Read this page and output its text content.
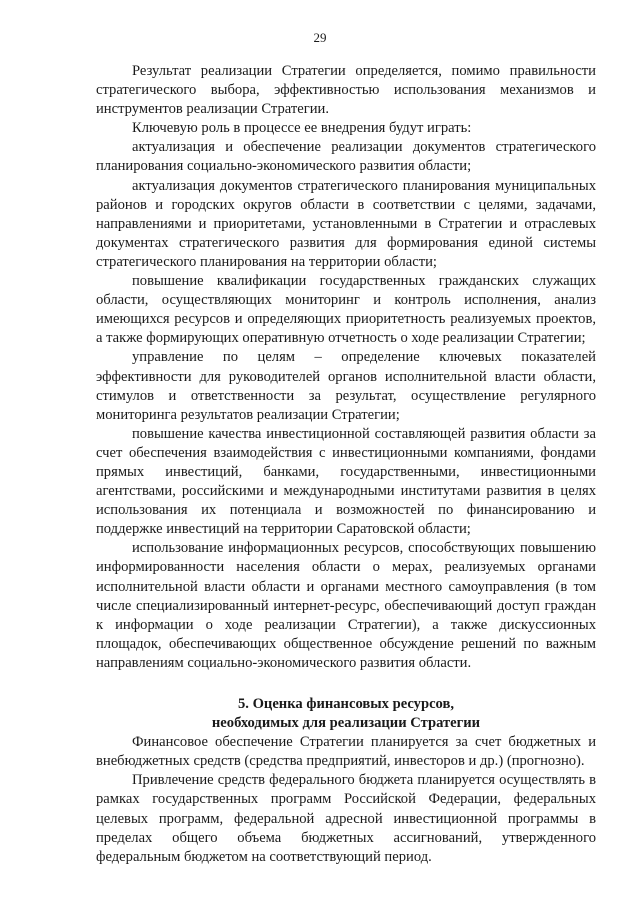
29

Результат реализации Стратегии определяется, помимо правильности стратегического выбора, эффективностью использования механизмов и инструментов реализации Стратегии.

Ключевую роль в процессе ее внедрения будут играть:

актуализация и обеспечение реализации документов стратегического планирования социально-экономического развития области;

актуализация документов стратегического планирования муниципальных районов и городских округов области в соответствии с целями, задачами, направлениями и приоритетами, установленными в Стратегии и отраслевых документах стратегического развития для формирования единой системы стратегического планирования на территории области;

повышение квалификации государственных гражданских служащих области, осуществляющих мониторинг и контроль исполнения, анализ имеющихся ресурсов и определяющих приоритетность реализуемых проектов, а также формирующих оперативную отчетность о ходе реализации Стратегии;

управление по целям – определение ключевых показателей эффективности для руководителей органов исполнительной власти области, стимулов и ответственности за результат, осуществление регулярного мониторинга результатов реализации Стратегии;

повышение качества инвестиционной составляющей развития области за счет обеспечения взаимодействия с инвестиционными компаниями, фондами прямых инвестиций, банками, государственными, инвестиционными агентствами, российскими и международными институтами развития в целях использования их потенциала и возможностей по финансированию и поддержке инвестиций на территории Саратовской области;

использование информационных ресурсов, способствующих повышению информированности населения области о мерах, реализуемых органами исполнительной власти области и органами местного самоуправления (в том числе специализированный интернет-ресурс, обеспечивающий доступ граждан к информации о ходе реализации Стратегии), а также дискуссионных площадок, обеспечивающих общественное обсуждение решений по важным направлениям социально-экономического развития области.

5. Оценка финансовых ресурсов,
необходимых для реализации Стратегии

Финансовое обеспечение Стратегии планируется за счет бюджетных и внебюджетных средств (средства предприятий, инвесторов и др.) (прогнозно).

Привлечение средств федерального бюджета планируется осуществлять в рамках государственных программ Российской Федерации, федеральных целевых программ, федеральной адресной инвестиционной программы в пределах общего объема бюджетных ассигнований, утвержденного федеральным бюджетом на соответствующий период.
